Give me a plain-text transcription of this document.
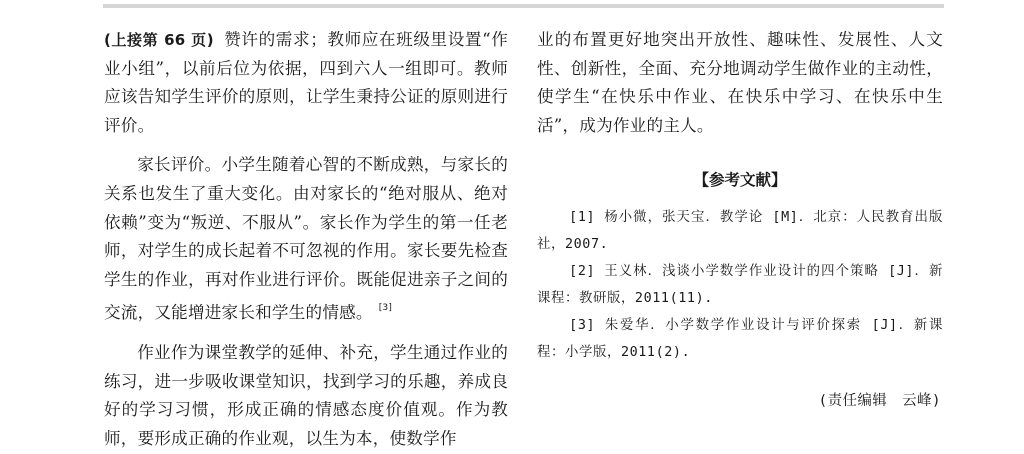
(上接第 66 页) 赞许的需求；教师应在班级里设置“作业小组”，以前后位为依据，四到六人一组即可。教师应该告知学生评价的原则，让学生秉持公证的原则进行评价。

家长评价。小学生随着心智的不断成熟，与家长的关系也发生了重大变化。由对家长的“绝对服从、绝对依赖”变为“叛逆、不服从”。家长作为学生的第一任老师，对学生的成长起着不可忽视的作用。家长要先检查学生的作业，再对作业进行评价。既能促进亲子之间的交流，又能增进家长和学生的情感。 [3]

作业作为课堂教学的延伸、补充，学生通过作业的练习，进一步吸收课堂知识，找到学习的乐趣，养成良好的学习习惯，形成正确的情感态度价值观。作为教师，要形成正确的作业观，以生为本，使数学作

业的布置更好地突出开放性、趣味性、发展性、人文性、创新性，全面、充分地调动学生做作业的主动性，使学生“在快乐中作业、在快乐中学习、在快乐中生活”，成为作业的主人。

【参考文献】

[1] 杨小微，张天宝．教学论 [M]．北京：人民教育出版社，2007.

[2] 王义林．浅谈小学数学作业设计的四个策略 [J]．新课程：教研版，2011(11).

[3] 朱爱华．小学数学作业设计与评价探索 [J]．新课程：小学版，2011(2).

(责任编辑　云峰)
